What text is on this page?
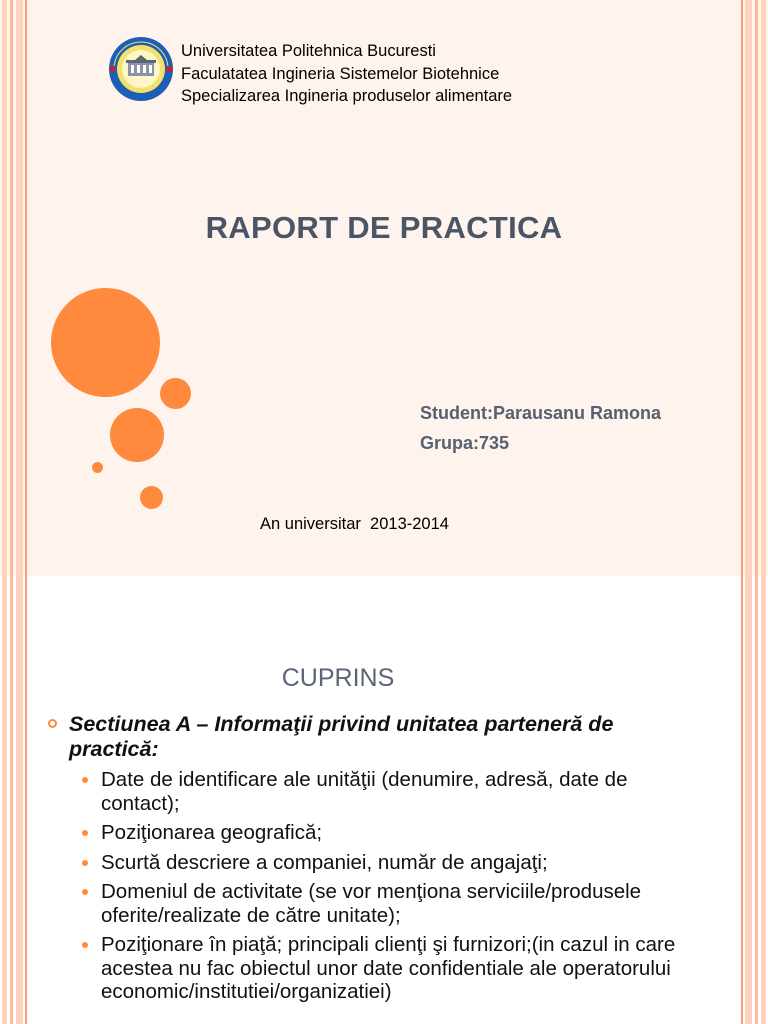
Universitatea Politehnica Bucuresti
Faculatatea Ingineria Sistemelor Biotehnice
Specializarea Ingineria produselor alimentare
RAPORT DE PRACTICA
Student:Parausanu Ramona
Grupa:735
An universitar  2013-2014
CUPRINS
Sectiunea A – Informaţii privind unitatea parteneră de practică:
Date de identificare ale unităţii (denumire, adresă, date de contact);
Poziţionarea geografică;
Scurtă descriere a companiei, număr de angajaţi;
Domeniul de activitate (se vor menţiona serviciile/produsele oferite/realizate de către unitate);
Poziţionare în piaţă; principali clienţi şi furnizori;(in cazul in care acestea nu fac obiectul unor date confidentiale ale operatorului economic/institutiei/organizatiei)
